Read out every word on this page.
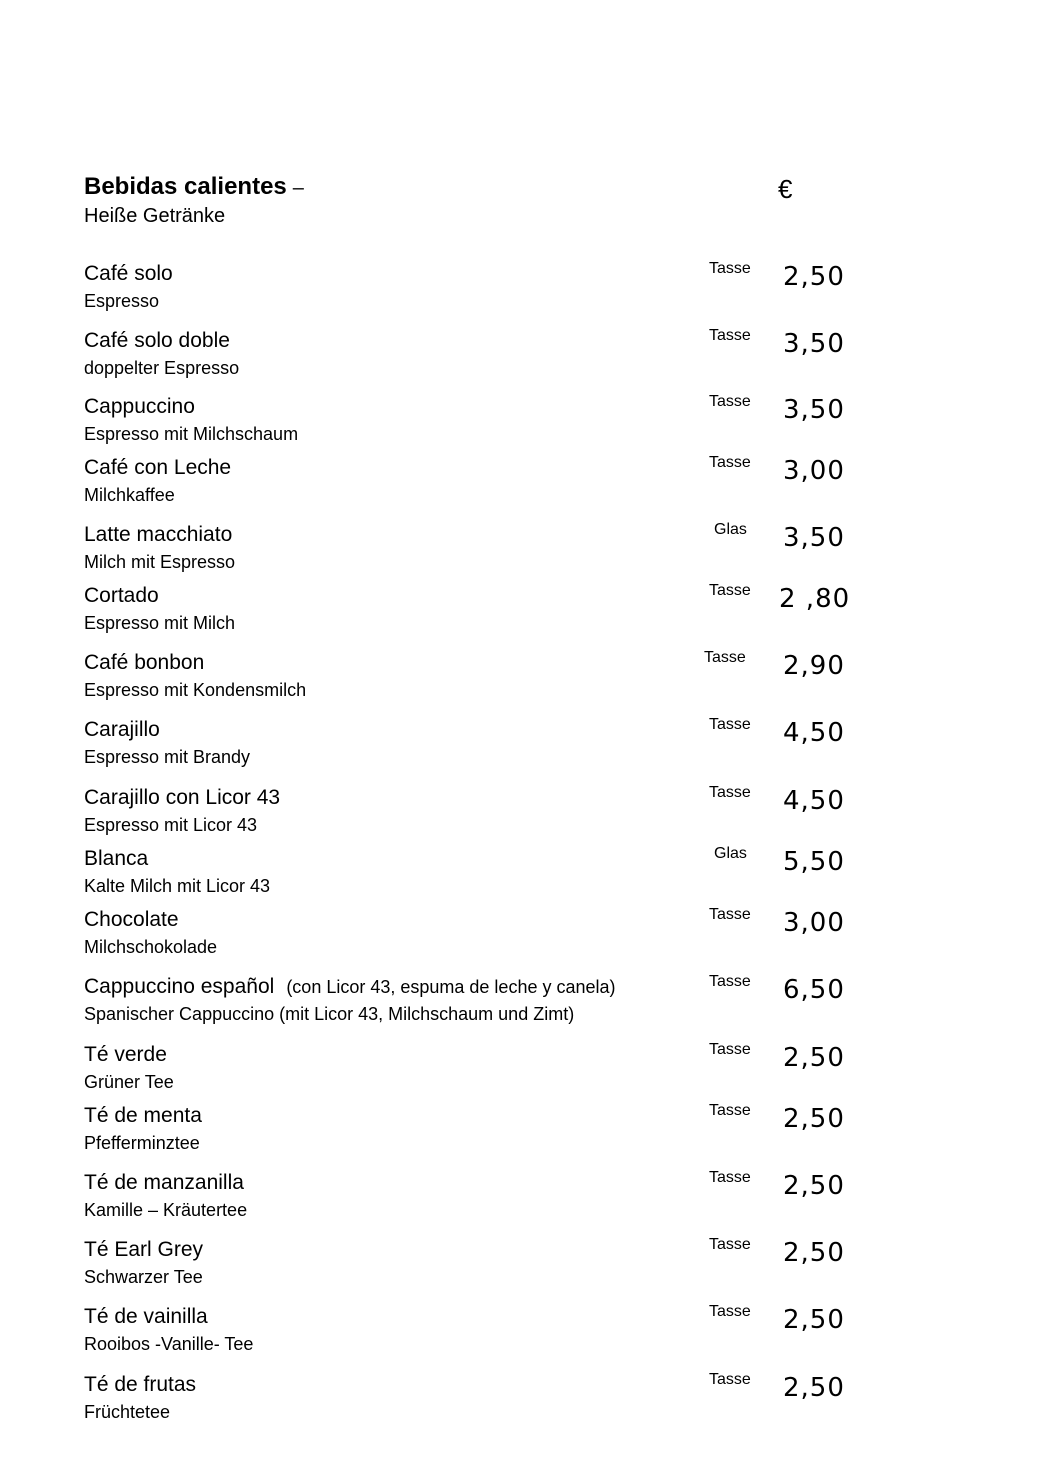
Bebidas calientes –
Heiße Getränke
€
Café solo
Espresso
Tasse 2,50
Café solo doble
doppelter Espresso
Tasse 3,50
Cappuccino
Espresso mit Milchschaum
Tasse 3,50
Café con Leche
Milchkaffee
Tasse 3,00
Latte macchiato
Milch mit Espresso
Glas 3,50
Cortado
Espresso mit Milch
Tasse 2 ,80
Café bonbon
Espresso mit Kondensmilch
Tasse 2,90
Carajillo
Espresso mit Brandy
Tasse 4,50
Carajillo con Licor 43
Espresso mit Licor 43
Tasse 4,50
Blanca
Kalte Milch mit Licor 43
Glas 5,50
Chocolate
Milchschokolade
Tasse 3,00
Cappuccino español (con Licor 43, espuma de leche y canela)
Spanischer Cappuccino (mit Licor 43, Milchschaum und Zimt)
Tasse 6,50
Té verde
Grüner Tee
Tasse 2,50
Té de menta
Pfefferminztee
Tasse 2,50
Té de manzanilla
Kamille – Kräutertee
Tasse 2,50
Té Earl Grey
Schwarzer Tee
Tasse 2,50
Té de vainilla
Rooibos -Vanille- Tee
Tasse 2,50
Té de frutas
Früchtetee
Tasse 2,50
